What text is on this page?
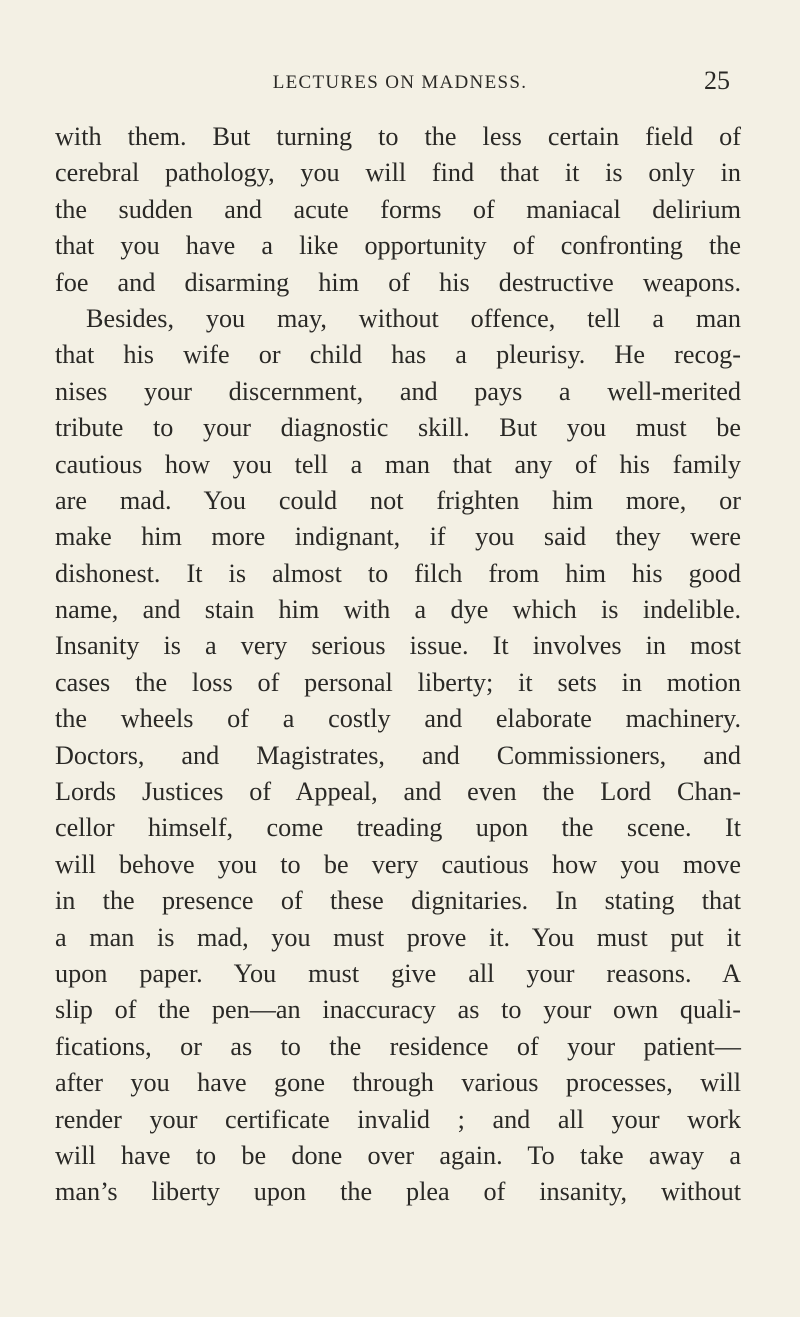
LECTURES ON MADNESS.	25
with them. But turning to the less certain field of
cerebral pathology, you will find that it is only in
the sudden and acute forms of maniacal delirium
that you have a like opportunity of confronting the
foe and disarming him of his destructive weapons.
Besides, you may, without offence, tell a man
that his wife or child has a pleurisy. He recog-
nises your discernment, and pays a well-merited
tribute to your diagnostic skill. But you must be
cautious how you tell a man that any of his family
are mad. You could not frighten him more, or
make him more indignant, if you said they were
dishonest. It is almost to filch from him his good
name, and stain him with a dye which is indelible.
Insanity is a very serious issue. It involves in most
cases the loss of personal liberty; it sets in motion
the wheels of a costly and elaborate machinery.
Doctors, and Magistrates, and Commissioners, and
Lords Justices of Appeal, and even the Lord Chan-
cellor himself, come treading upon the scene. It
will behove you to be very cautious how you move
in the presence of these dignitaries. In stating that
a man is mad, you must prove it. You must put it
upon paper. You must give all your reasons. A
slip of the pen—an inaccuracy as to your own quali-
fications, or as to the residence of your patient—
after you have gone through various processes, will
render your certificate invalid ; and all your work
will have to be done over again. To take away a
man’s liberty upon the plea of insanity, without
